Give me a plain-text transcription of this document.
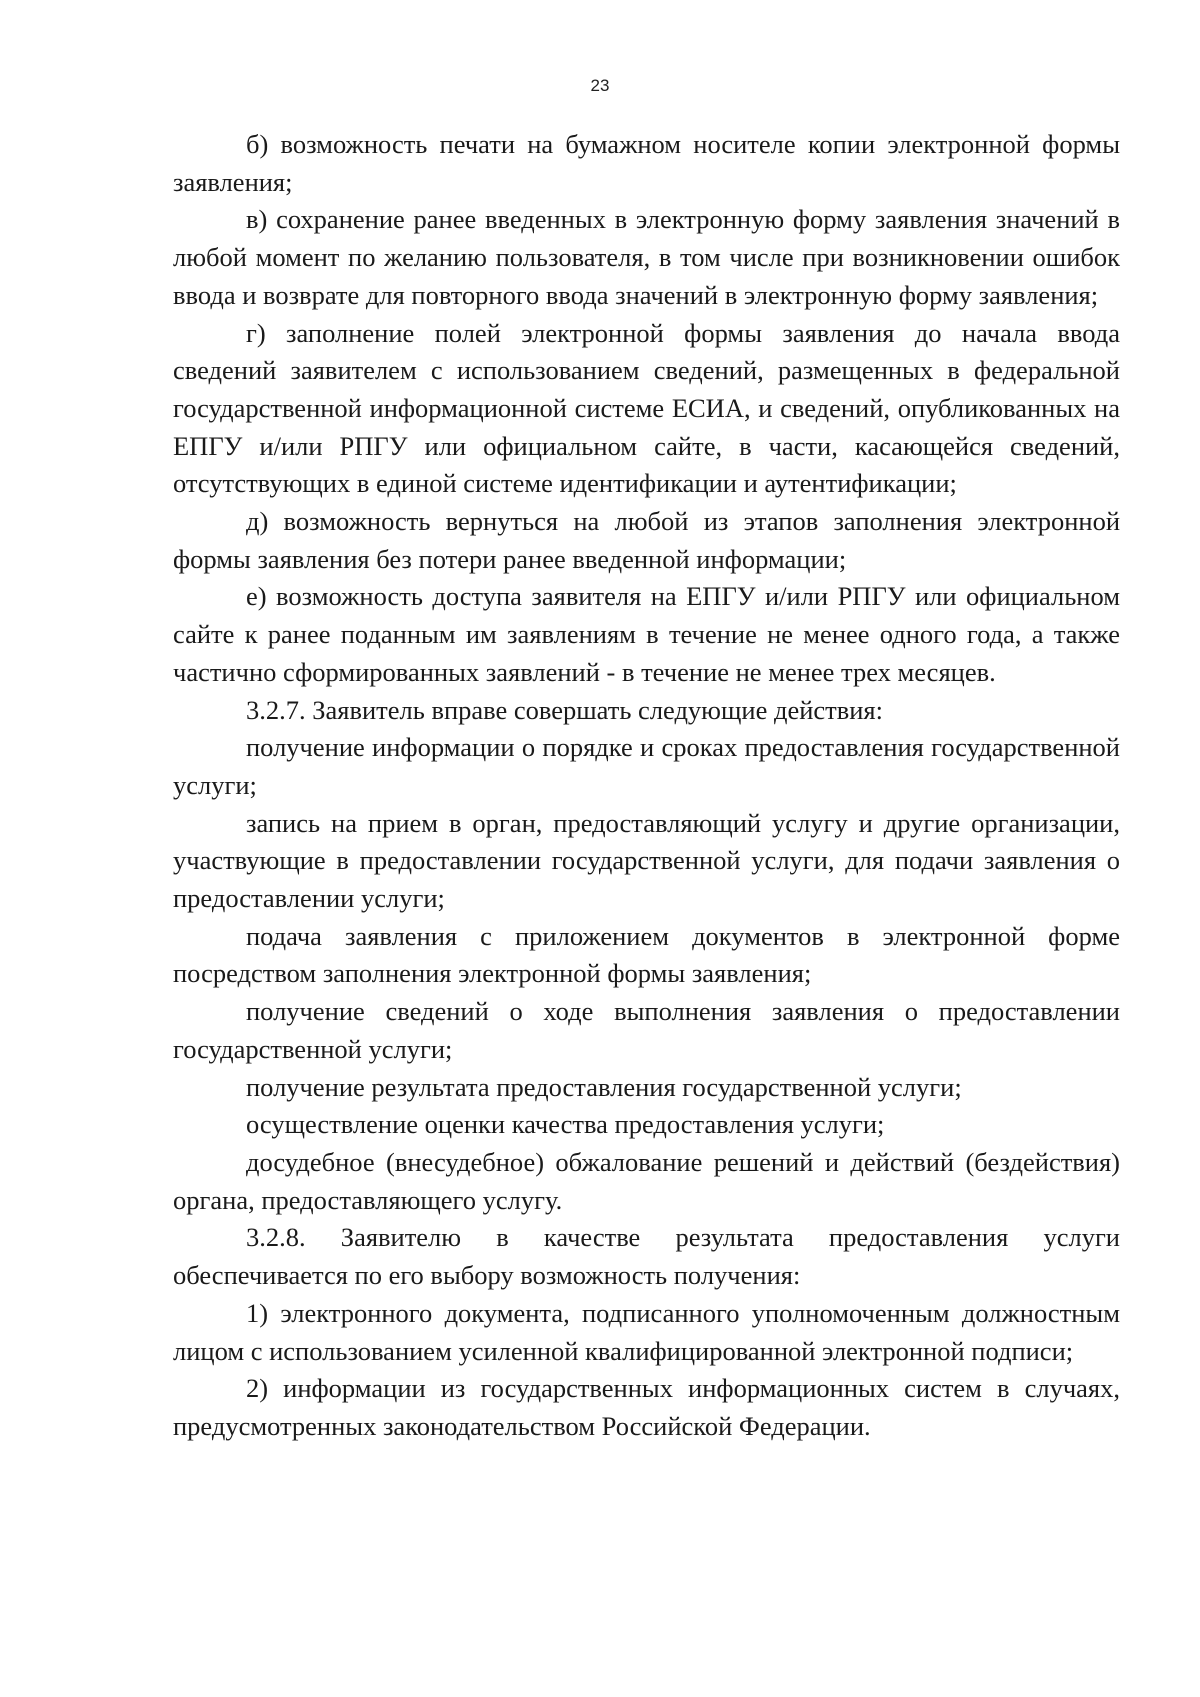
23

б) возможность печати на бумажном носителе копии электронной формы заявления;

в) сохранение ранее введенных в электронную форму заявления значений в любой момент по желанию пользователя, в том числе при возникновении ошибок ввода и возврате для повторного ввода значений в электронную форму заявления;

г) заполнение полей электронной формы заявления до начала ввода сведений заявителем с использованием сведений, размещенных в федеральной государственной информационной системе ЕСИА, и сведений, опубликованных на ЕПГУ и/или РПГУ или официальном сайте, в части, касающейся сведений, отсутствующих в единой системе идентификации и аутентификации;

д) возможность вернуться на любой из этапов заполнения электронной формы заявления без потери ранее введенной информации;

е) возможность доступа заявителя на ЕПГУ и/или РПГУ или официальном сайте к ранее поданным им заявлениям в течение не менее одного года, а также частично сформированных заявлений - в течение не менее трех месяцев.

3.2.7. Заявитель вправе совершать следующие действия:

получение информации о порядке и сроках предоставления государственной услуги;

запись на прием в орган, предоставляющий услугу и другие организации, участвующие в предоставлении государственной услуги, для подачи заявления о предоставлении услуги;

подача заявления с приложением документов в электронной форме посредством заполнения электронной формы заявления;

получение сведений о ходе выполнения заявления о предоставлении государственной услуги;

получение результата предоставления государственной услуги;

осуществление оценки качества предоставления услуги;

досудебное (внесудебное) обжалование решений и действий (бездействия) органа, предоставляющего услугу.

3.2.8. Заявителю в качестве результата предоставления услуги обеспечивается по его выбору возможность получения:

1) электронного документа, подписанного уполномоченным должностным лицом с использованием усиленной квалифицированной электронной подписи;

2) информации из государственных информационных систем в случаях, предусмотренных законодательством Российской Федерации.
